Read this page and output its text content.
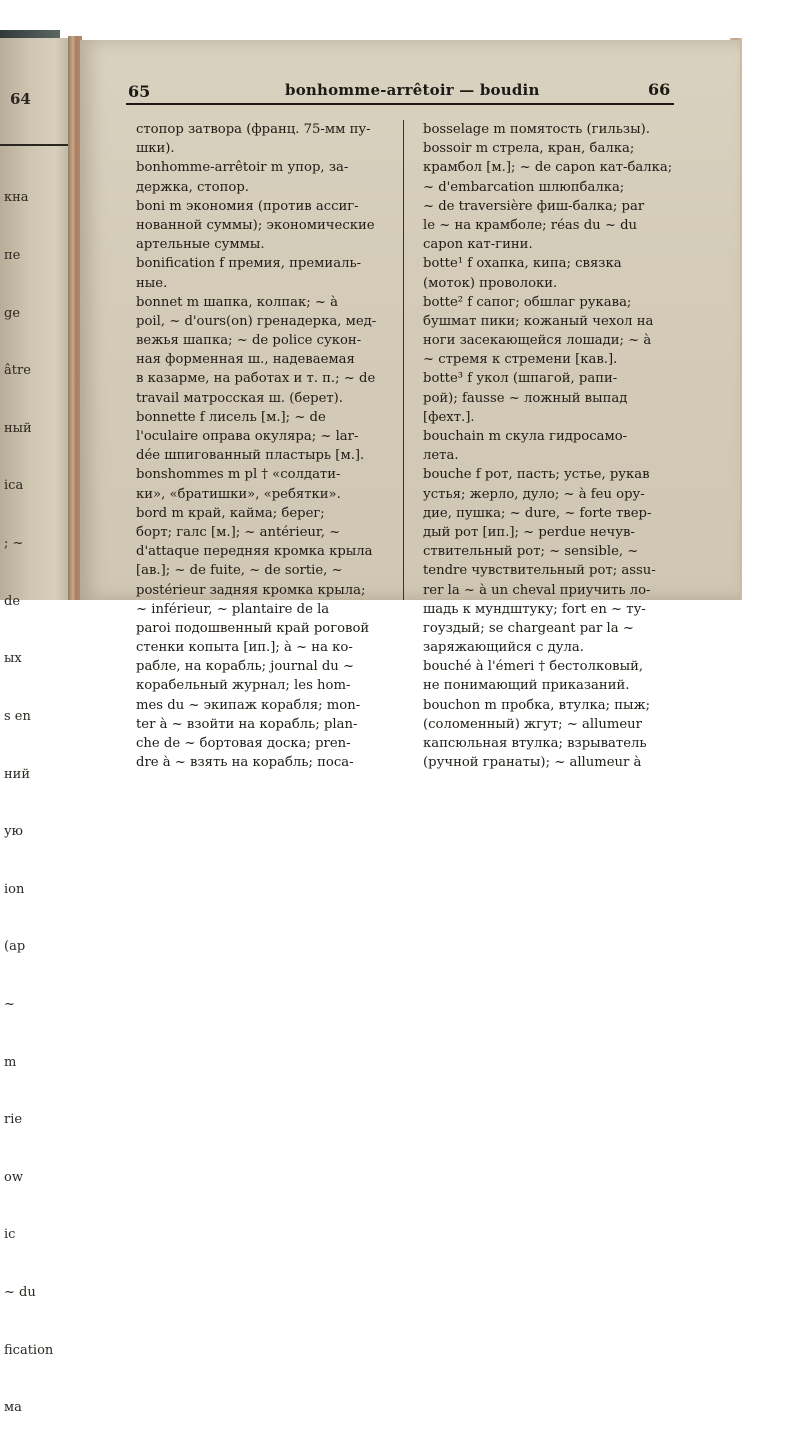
64

кна

пе

ge

âtre

ный

ica

; ~

de

ых

s en

ний

ую

ion

(ap

~

m

rie

ow

ic

~ du

fication

ма

65	bonhomme-arrêtoir — boudin	66
стопор затвора (франц. 75-мм пу-
шки).
bonhomme-arrêtoir m упор, за-
держка, стопор.
boni m экономия (против ассиг-
нованной суммы); экономические
артельные суммы.
bonification f премия, премиаль-
ные.
bonnet m шапка, колпак; ~ à
poil, ~ d'ours(on) гренадерка, мед-
вежья шапка; ~ de police сукон-
ная форменная ш., надеваемая
в казарме, на работах и т. п.; ~ de
travail матросская ш. (берет).
bonnette f лисель [м.]; ~ de
l'oculaire оправа окуляра; ~ lar-
dée шпигованный пластырь [м.].
bonshommes m pl † «солдати-
ки», «братишки», «ребятки».
bord m край, кайма; берег;
борт; галс [м.]; ~ antérieur, ~
d'attaque передняя кромка крыла
[ав.]; ~ de fuite, ~ de sortie, ~
postérieur задняя кромка крыла;
~ inférieur, ~ plantaire de la
paroi подошвенный край роговой
стенки копыта [ип.]; à ~ на ко-
рабле, на корабль; journal du ~
корабельный журнал; les hom-
mes du ~ экипаж корабля; mon-
ter à ~ взойти на корабль; plan-
che de ~ бортовая доска; pren-
dre à ~ взять на корабль; поса-
bosselage m помятость (гильзы).
bossoir m стрела, кран, балка;
крамбол [м.]; ~ de capon кат-балка;
~ d'embarcation шлюпбалка;
~ de traversière фиш-балка; par
le ~ на крамболе; réas du ~ du
capon кат-гини.
botte¹ f охапка, кипа; связка
(моток) проволоки.
botte² f сапог; обшлаг рукава;
бушмат пики; кожаный чехол на
ноги засекающейся лошади; ~ à
~ стремя к стремени [кав.].
botte³ f укол (шпагой, рапи-
рой); fausse ~ ложный выпад
[фехт.].
bouchain m скула гидросамо-
лета.
bouche f рот, пасть; устье, рукав
устья; жерло, дуло; ~ à feu ору-
дие, пушка; ~ dure, ~ forte твер-
дый рот [ип.]; ~ perdue нечув-
ствительный рот; ~ sensible, ~
tendre чувствительный рот; assu-
rer la ~ à un cheval приучить ло-
шадь к мундштуку; fort en ~ ту-
гоуздый; se chargeant par la ~
заряжающийся с дула.
bouché à l'émeri † бестолковый,
не понимающий приказаний.
bouchon m пробка, втулка; пыж;
(соломенный) жгут; ~ allumeur
капсюльная втулка; взрыватель
(ручной гранаты); ~ allumeur à
